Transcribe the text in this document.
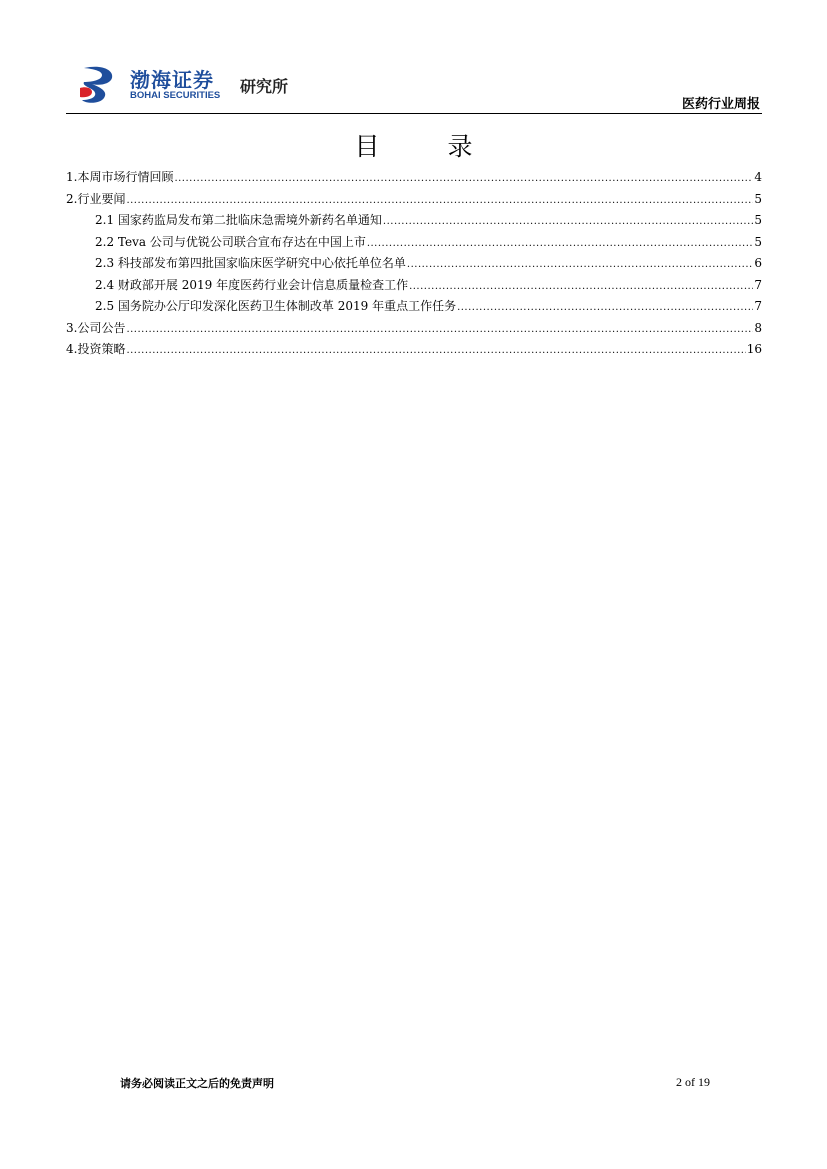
渤海证券
BOHAI SECURITIES 研究所
医药行业周报
目 录
1.本周市场行情回顾 .....	4
2.行业要闻 .....	5
2.1 国家药监局发布第二批临床急需境外新药名单通知 .....	5
2.2 Teva 公司与优锐公司联合宣布存达在中国上市 .....	5
2.3 科技部发布第四批国家临床医学研究中心依托单位名单 .....	6
2.4 财政部开展 2019 年度医药行业会计信息质量检查工作 .....	7
2.5 国务院办公厅印发深化医药卫生体制改革 2019 年重点工作任务 .....	7
3.公司公告 .....	8
4.投资策略 .....	16
请务必阅读正文之后的免责声明	2 of 19
